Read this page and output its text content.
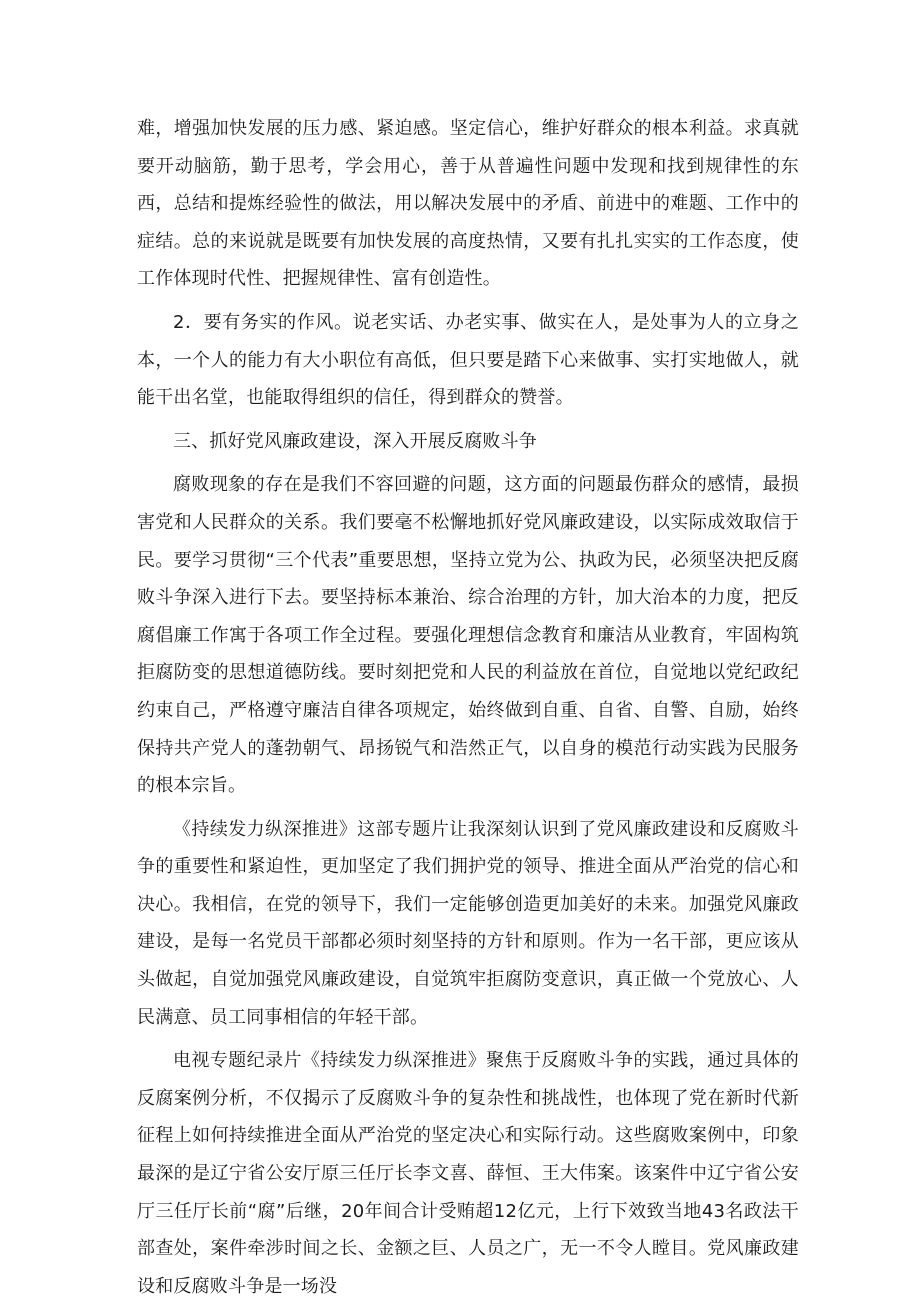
难，增强加快发展的压力感、紧迫感。坚定信心，维护好群众的根本利益。求真就要开动脑筋，勤于思考，学会用心，善于从普遍性问题中发现和找到规律性的东西，总结和提炼经验性的做法，用以解决发展中的矛盾、前进中的难题、工作中的症结。总的来说就是既要有加快发展的高度热情，又要有扎扎实实的工作态度，使工作体现时代性、把握规律性、富有创造性。

2．要有务实的作风。说老实话、办老实事、做实在人，是处事为人的立身之本，一个人的能力有大小职位有高低，但只要是踏下心来做事、实打实地做人，就能干出名堂，也能取得组织的信任，得到群众的赞誉。

三、抓好党风廉政建设，深入开展反腐败斗争

腐败现象的存在是我们不容回避的问题，这方面的问题最伤群众的感情，最损害党和人民群众的关系。我们要毫不松懈地抓好党风廉政建设，以实际成效取信于民。要学习贯彻“三个代表”重要思想，坚持立党为公、执政为民，必须坚决把反腐败斗争深入进行下去。要坚持标本兼治、综合治理的方针，加大治本的力度，把反腐倡廉工作寓于各项工作全过程。要强化理想信念教育和廉洁从业教育，牢固构筑拒腐防变的思想道德防线。要时刻把党和人民的利益放在首位，自觉地以党纪政纪约束自己，严格遵守廉洁自律各项规定，始终做到自重、自省、自警、自励，始终保持共产党人的蓬勃朝气、昂扬锐气和浩然正气，以自身的模范行动实践为民服务的根本宗旨。

《持续发力纵深推进》这部专题片让我深刻认识到了党风廉政建设和反腐败斗争的重要性和紧迫性，更加坚定了我们拥护党的领导、推进全面从严治党的信心和决心。我相信，在党的领导下，我们一定能够创造更加美好的未来。加强党风廉政建设，是每一名党员干部都必须时刻坚持的方针和原则。作为一名干部，更应该从头做起，自觉加强党风廉政建设，自觉筑牢拒腐防变意识，真正做一个党放心、人民满意、员工同事相信的年轻干部。

电视专题纪录片《持续发力纵深推进》聚焦于反腐败斗争的实践，通过具体的反腐案例分析，不仅揭示了反腐败斗争的复杂性和挑战性，也体现了党在新时代新征程上如何持续推进全面从严治党的坚定决心和实际行动。这些腐败案例中，印象最深的是辽宁省公安厅原三任厅长李文喜、薛恒、王大伟案。该案件中辽宁省公安厅三任厅长前“腐”后继，20年间合计受贿超12亿元，上行下效致当地43名政法干部查处，案件牵涉时间之长、金额之巨、人员之广，无一不令人瞠目。党风廉政建设和反腐败斗争是一场没
